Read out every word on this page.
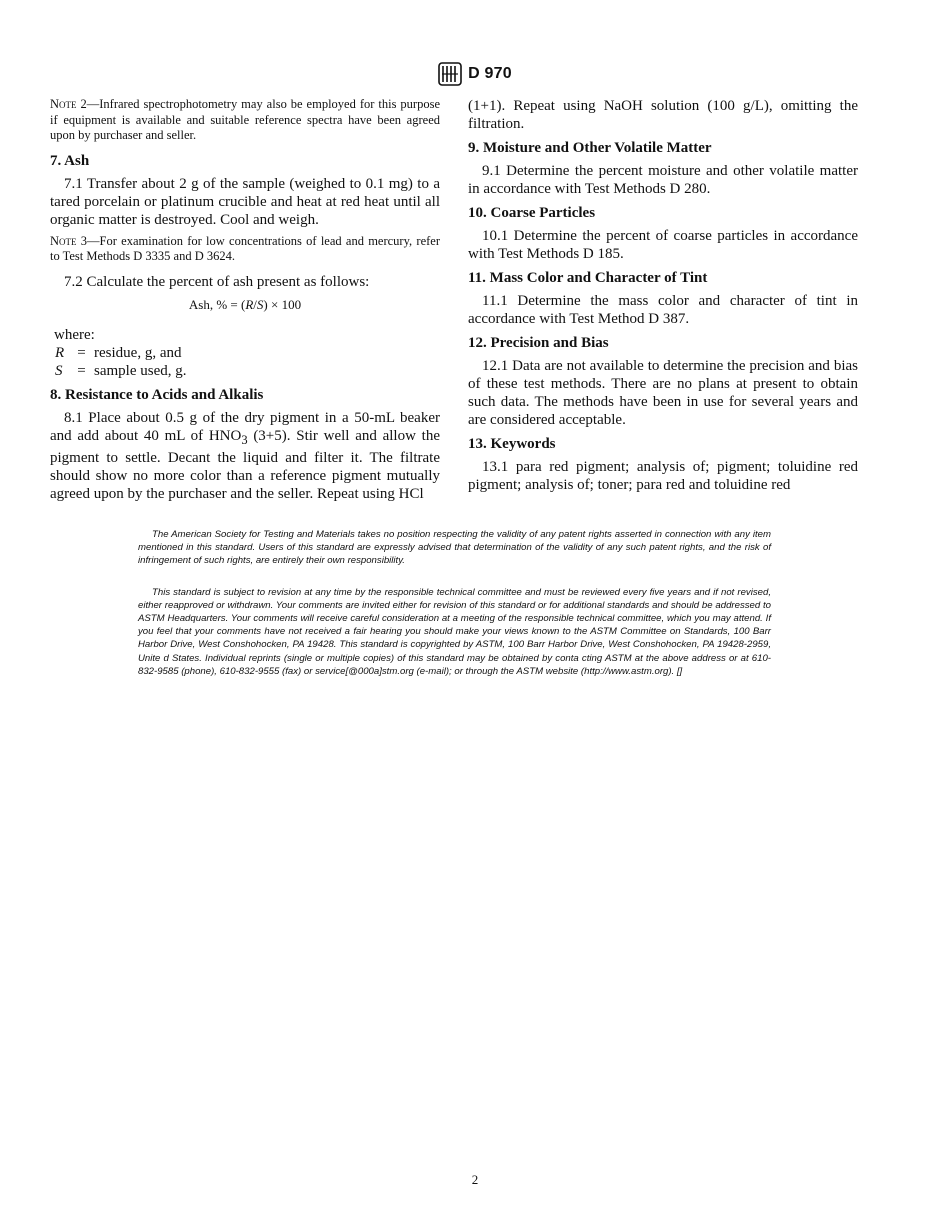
D 970

Note 2—Infrared spectrophotometry may also be employed for this purpose if equipment is available and suitable reference spectra have been agreed upon by purchaser and seller.

7. Ash

7.1 Transfer about 2 g of the sample (weighed to 0.1 mg) to a tared porcelain or platinum crucible and heat at red heat until all organic matter is destroyed. Cool and weigh.

Note 3—For examination for low concentrations of lead and mercury, refer to Test Methods D 3335 and D 3624.

7.2 Calculate the percent of ash present as follows:

Ash, % = (R/S) × 100
where:
R = residue, g, and
S = sample used, g.
8. Resistance to Acids and Alkalis

8.1 Place about 0.5 g of the dry pigment in a 50-mL beaker and add about 40 mL of $HNO_3$ (3+5). Stir well and allow the pigment to settle. Decant the liquid and filter it. The filtrate should show no more color than a reference pigment mutually agreed upon by the purchaser and the seller. Repeat using HCl

(1+1). Repeat using NaOH solution (100 g/L), omitting the filtration.

9. Moisture and Other Volatile Matter

9.1 Determine the percent moisture and other volatile matter in accordance with Test Methods D 280.

10. Coarse Particles

10.1 Determine the percent of coarse particles in accordance with Test Methods D 185.

11. Mass Color and Character of Tint

11.1 Determine the mass color and character of tint in accordance with Test Method D 387.

12. Precision and Bias

12.1 Data are not available to determine the precision and bias of these test methods. There are no plans at present to obtain such data. The methods have been in use for several years and are considered acceptable.

13. Keywords

13.1 para red pigment; analysis of; pigment; toluidine red pigment; analysis of; toner; para red and toluidine red

The American Society for Testing and Materials takes no position respecting the validity of any patent rights asserted in connection with any item mentioned in this standard. Users of this standard are expressly advised that determination of the validity of any such patent rights, and the risk of infringement of such rights, are entirely their own responsibility.

This standard is subject to revision at any time by the responsible technical committee and must be reviewed every five years and if not revised, either reapproved or withdrawn. Your comments are invited either for revision of this standard or for additional standards and should be addressed to ASTM Headquarters. Your comments will receive careful consideration at a meeting of the responsible technical committee, which you may attend. If you feel that your comments have not received a fair hearing you should make your views known to the ASTM Committee on Standards, 100 Barr Harbor Drive, West Conshohocken, PA 19428. This standard is copyrighted by ASTM, 100 Barr Harbor Drive, West Conshohocken, PA 19428-2959, Unite d States. Individual reprints (single or multiple copies) of this standard may be obtained by conta cting ASTM at the above address or at 610-832-9585 (phone), 610-832-9555 (fax) or service[@000a]stm.org (e-mail); or through the ASTM website (http://www.astm.org). []

2
